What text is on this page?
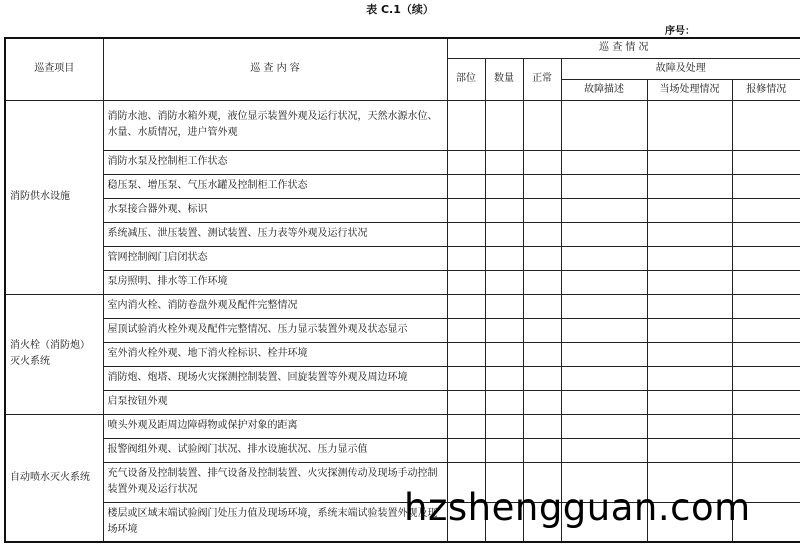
表 C.1（续）
序号：
巡查项目	巡 查 内 容	巡 查 情 况					
		部位	数量	正常	故障及处理		
					故障描述	当场处理情况	报修情况
消防供水设施	消防水池、消防水箱外观，液位显示装置外观及运行状况，天然水源水位、水量、水质情况，进户管外观						
	消防水泵及控制柜工作状态						
	稳压泵、增压泵、气压水罐及控制柜工作状态						
	水泵接合器外观、标识						
	系统减压、泄压装置、测试装置、压力表等外观及运行状况						
	管网控制阀门启闭状态						
	泵房照明、排水等工作环境						
消火栓（消防炮）灭火系统	室内消火栓、消防卷盘外观及配件完整情况						
	屋顶试验消火栓外观及配件完整情况、压力显示装置外观及状态显示						
	室外消火栓外观、地下消火栓标识、栓井环境						
	消防炮、炮塔、现场火灾探测控制装置、回旋装置等外观及周边环境						
	启泵按钮外观						
自动喷水灭火系统	喷头外观及距周边障碍物或保护对象的距离						
	报警阀组外观、试验阀门状况、排水设施状况、压力显示值						
	充气设备及控制装置、排气设备及控制装置、火灾探测传动及现场手动控制装置外观及运行状况						
	楼层或区域末端试验阀门处压力值及现场环境，系统末端试验装置外观及现场环境						
hzshengguan.com
